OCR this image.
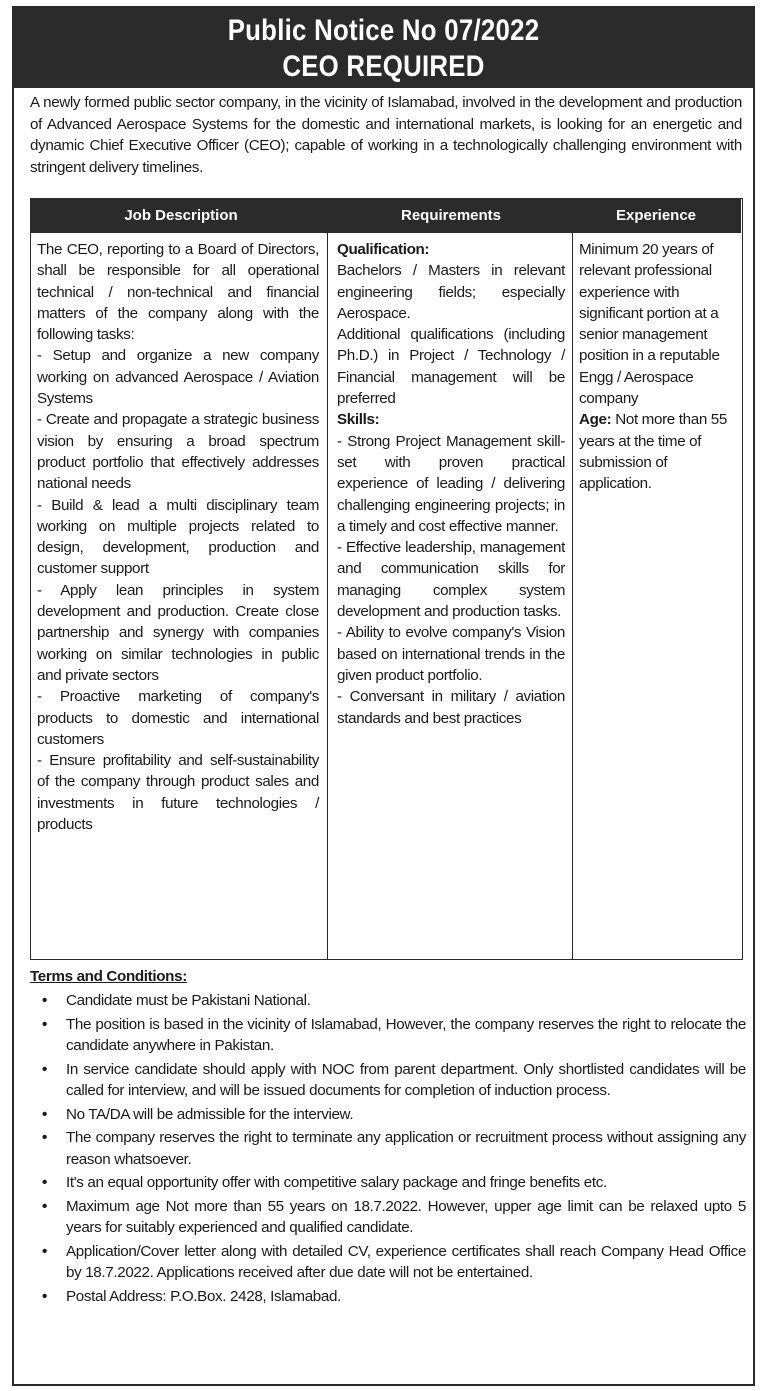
Public Notice No 07/2022
CEO REQUIRED
A newly formed public sector company, in the vicinity of Islamabad, involved in the development and production of Advanced Aerospace Systems for the domestic and international markets, is looking for an energetic and dynamic Chief Executive Officer (CEO); capable of working in a technologically challenging environment with stringent delivery timelines.
Job Description	Requirements	Experience

The CEO, reporting to a Board of Directors, shall be responsible for all operational technical / non-technical and financial matters of the company along with the following tasks:

- Setup and organize a new company working on advanced Aerospace / Aviation Systems

- Create and propagate a strategic business vision by ensuring a broad spectrum product portfolio that effectively addresses national needs

- Build & lead a multi disciplinary team working on multiple projects related to design, development, production and customer support

- Apply lean principles in system development and production. Create close partnership and synergy with companies working on similar technologies in public and private sectors

- Proactive marketing of company's products to domestic and international customers

- Ensure profitability and self-sustainability of the company through product sales and investments in future technologies / products

Qualification:

Bachelors / Masters in relevant engineering fields; especially Aerospace.

Additional qualifications (including Ph.D.) in Project / Technology / Financial management will be preferred

Skills:

- Strong Project Management skill-set with proven practical experience of leading / delivering challenging engineering projects; in a timely and cost effective manner.

- Effective leadership, management and communication skills for managing complex system development and production tasks.

- Ability to evolve company's Vision based on international trends in the given product portfolio.

- Conversant in military / aviation standards and best practices

Minimum 20 years of relevant professional experience with significant portion at a senior management position in a reputable Engg / Aerospace company

Age: Not more than 55 years at the time of submission of application.

Terms and Conditions:
• Candidate must be Pakistani National.
• The position is based in the vicinity of Islamabad, However, the company reserves the right to relocate the candidate anywhere in Pakistan.
• In service candidate should apply with NOC from parent department. Only shortlisted candidates will be called for interview, and will be issued documents for completion of induction process.
• No TA/DA will be admissible for the interview.
• The company reserves the right to terminate any application or recruitment process without assigning any reason whatsoever.
• It's an equal opportunity offer with competitive salary package and fringe benefits etc.
• Maximum age Not more than 55 years on 18.7.2022. However, upper age limit can be relaxed upto 5 years for suitably experienced and qualified candidate.
• Application/Cover letter along with detailed CV, experience certificates shall reach Company Head Office by 18.7.2022. Applications received after due date will not be entertained.
• Postal Address: P.O.Box. 2428, Islamabad.
